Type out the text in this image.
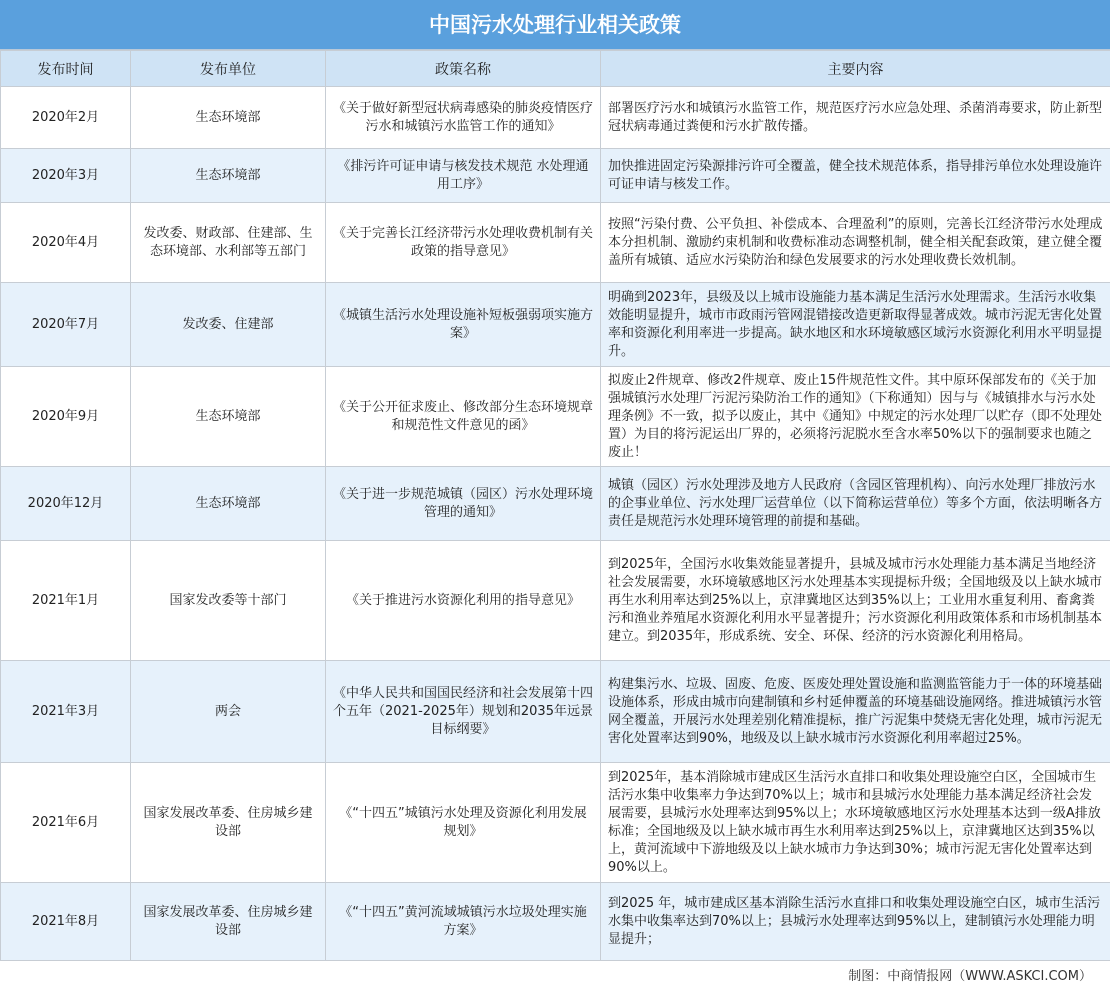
中国污水处理行业相关政策
发布时间	发布单位	政策名称	主要内容
2020年2月	生态环境部	《关于做好新型冠状病毒感染的肺炎疫情医疗污水和城镇污水监管工作的通知》	部署医疗污水和城镇污水监管工作，规范医疗污水应急处理、杀菌消毒要求，防止新型冠状病毒通过粪便和污水扩散传播。
2020年3月	生态环境部	《排污许可证申请与核发技术规范 水处理通用工序》	加快推进固定污染源排污许可全覆盖，健全技术规范体系，指导排污单位水处理设施许可证申请与核发工作。
2020年4月	发改委、财政部、住建部、生态环境部、水利部等五部门	《关于完善长江经济带污水处理收费机制有关政策的指导意见》	按照“污染付费、公平负担、补偿成本、合理盈利”的原则，完善长江经济带污水处理成本分担机制、激励约束机制和收费标准动态调整机制，健全相关配套政策，建立健全覆盖所有城镇、适应水污染防治和绿色发展要求的污水处理收费长效机制。
2020年7月	发改委、住建部	《城镇生活污水处理设施补短板强弱项实施方案》	明确到2023年，县级及以上城市设施能力基本满足生活污水处理需求。生活污水收集效能明显提升，城市市政雨污管网混错接改造更新取得显著成效。城市污泥无害化处置率和资源化利用率进一步提高。缺水地区和水环境敏感区域污水资源化利用水平明显提升。
2020年9月	生态环境部	《关于公开征求废止、修改部分生态环境规章和规范性文件意见的函》	拟废止2件规章、修改2件规章、废止15件规范性文件。其中原环保部发布的《关于加强城镇污水处理厂污泥污染防治工作的通知》（下称通知）因与与《城镇排水与污水处理条例》不一致，拟予以废止，其中《通知》中规定的污水处理厂以贮存（即不处理处置）为目的将污泥运出厂界的，必须将污泥脱水至含水率50%以下的强制要求也随之废止！
2020年12月	生态环境部	《关于进一步规范城镇（园区）污水处理环境管理的通知》	城镇（园区）污水处理涉及地方人民政府（含园区管理机构）、向污水处理厂排放污水的企事业单位、污水处理厂运营单位（以下简称运营单位）等多个方面，依法明晰各方责任是规范污水处理环境管理的前提和基础。
2021年1月	国家发改委等十部门	《关于推进污水资源化利用的指导意见》	到2025年，全国污水收集效能显著提升，县城及城市污水处理能力基本满足当地经济社会发展需要，水环境敏感地区污水处理基本实现提标升级；全国地级及以上缺水城市再生水利用率达到25%以上，京津冀地区达到35%以上；工业用水重复利用、畜禽粪污和渔业养殖尾水资源化利用水平显著提升；污水资源化利用政策体系和市场机制基本建立。到2035年，形成系统、安全、环保、经济的污水资源化利用格局。
2021年3月	两会	《中华人民共和国国民经济和社会发展第十四个五年（2021-2025年）规划和2035年远景目标纲要》	构建集污水、垃圾、固废、危废、医废处理处置设施和监测监管能力于一体的环境基础设施体系，形成由城市向建制镇和乡村延伸覆盖的环境基础设施网络。推进城镇污水管网全覆盖，开展污水处理差别化精准提标，推广污泥集中焚烧无害化处理，城市污泥无害化处置率达到90%，地级及以上缺水城市污水资源化利用率超过25%。
2021年6月	国家发展改革委、住房城乡建设部	《“十四五”城镇污水处理及资源化利用发展规划》	到2025年，基本消除城市建成区生活污水直排口和收集处理设施空白区，全国城市生活污水集中收集率力争达到70%以上；城市和县城污水处理能力基本满足经济社会发展需要，县城污水处理率达到95%以上；水环境敏感地区污水处理基本达到一级A排放标准；全国地级及以上缺水城市再生水利用率达到25%以上，京津冀地区达到35%以上，黄河流域中下游地级及以上缺水城市力争达到30%；城市污泥无害化处置率达到90%以上。
2021年8月	国家发展改革委、住房城乡建设部	《“十四五”黄河流域城镇污水垃圾处理实施方案》	到2025 年，城市建成区基本消除生活污水直排口和收集处理设施空白区，城市生活污水集中收集率达到70%以上；县城污水处理率达到95%以上，建制镇污水处理能力明显提升；
制图：中商情报网（WWW.ASKCI.COM）
